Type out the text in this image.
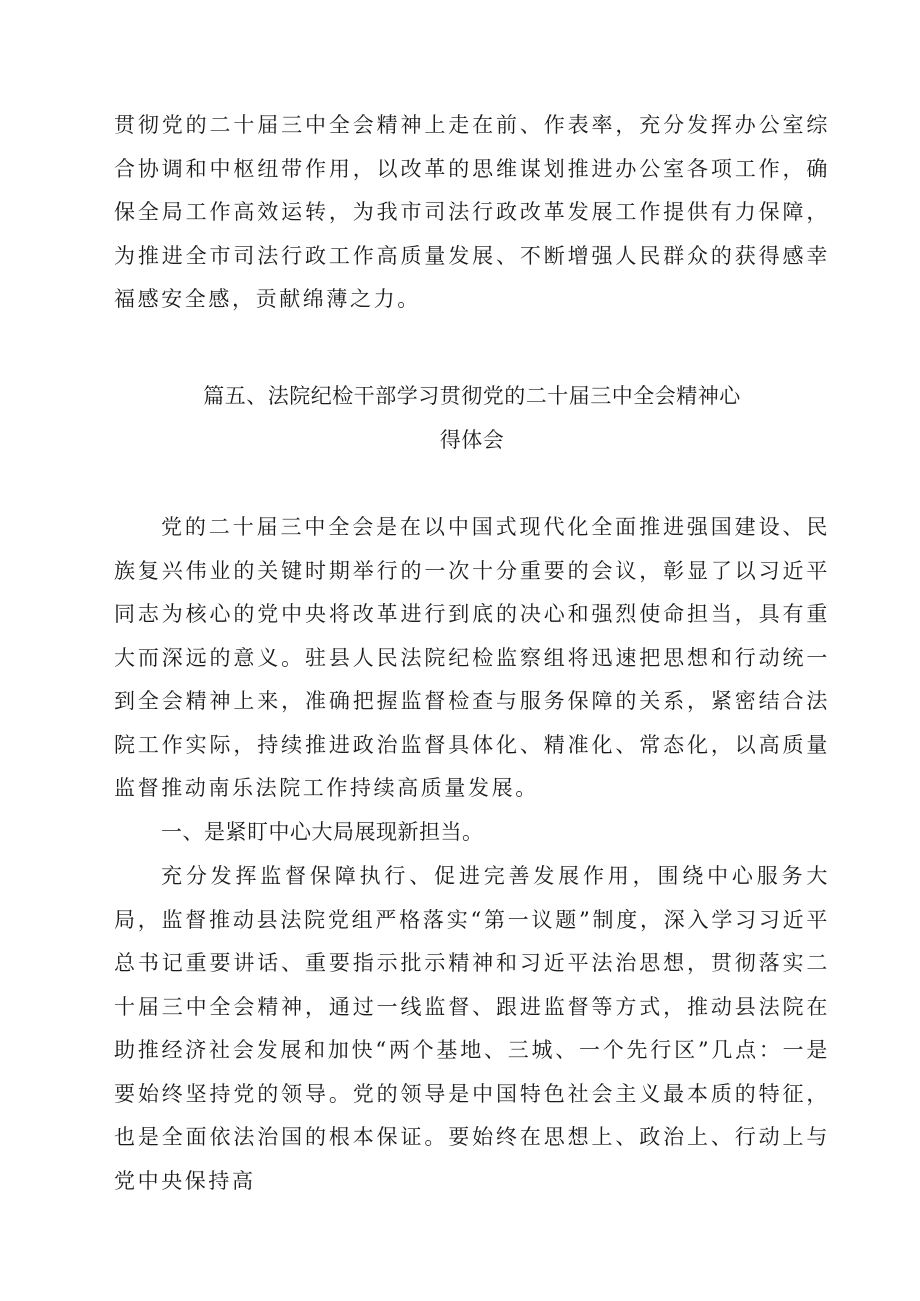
贯彻党的二十届三中全会精神上走在前、作表率，充分发挥办公室综合协调和中枢纽带作用，以改革的思维谋划推进办公室各项工作，确保全局工作高效运转，为我市司法行政改革发展工作提供有力保障，为推进全市司法行政工作高质量发展、不断增强人民群众的获得感幸福感安全感，贡献绵薄之力。

篇五、法院纪检干部学习贯彻党的二十届三中全会精神心

得体会

党的二十届三中全会是在以中国式现代化全面推进强国建设、民族复兴伟业的关键时期举行的一次十分重要的会议，彰显了以习近平同志为核心的党中央将改革进行到底的决心和强烈使命担当，具有重大而深远的意义。驻县人民法院纪检监察组将迅速把思想和行动统一到全会精神上来，准确把握监督检查与服务保障的关系，紧密结合法院工作实际，持续推进政治监督具体化、精准化、常态化，以高质量监督推动南乐法院工作持续高质量发展。

一、是紧盯中心大局展现新担当。

充分发挥监督保障执行、促进完善发展作用，围绕中心服务大局，监督推动县法院党组严格落实“第一议题”制度，深入学习习近平总书记重要讲话、重要指示批示精神和习近平法治思想，贯彻落实二十届三中全会精神，通过一线监督、跟进监督等方式，推动县法院在助推经济社会发展和加快“两个基地、三城、一个先行区”几点：一是要始终坚持党的领导。党的领导是中国特色社会主义最本质的特征，也是全面依法治国的根本保证。要始终在思想上、政治上、行动上与党中央保持高
